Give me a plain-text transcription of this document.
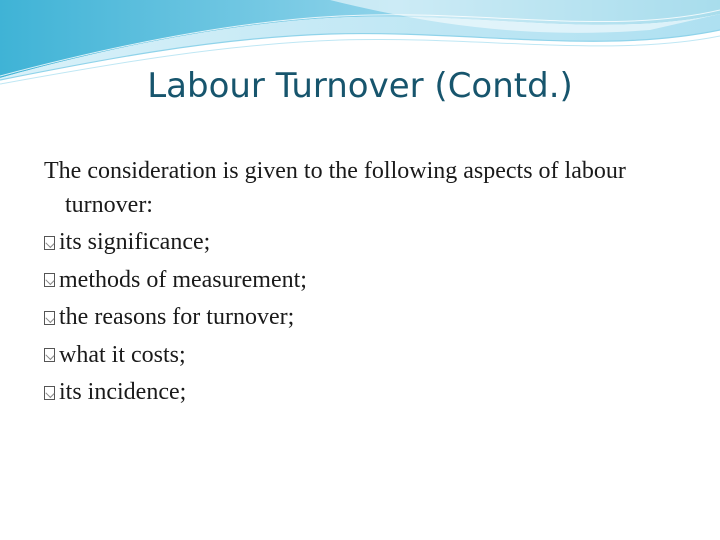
Labour Turnover (Contd.)
The consideration is given to the following aspects of labour turnover:
its significance;
methods of measurement;
the reasons for turnover;
what it costs;
its incidence;
